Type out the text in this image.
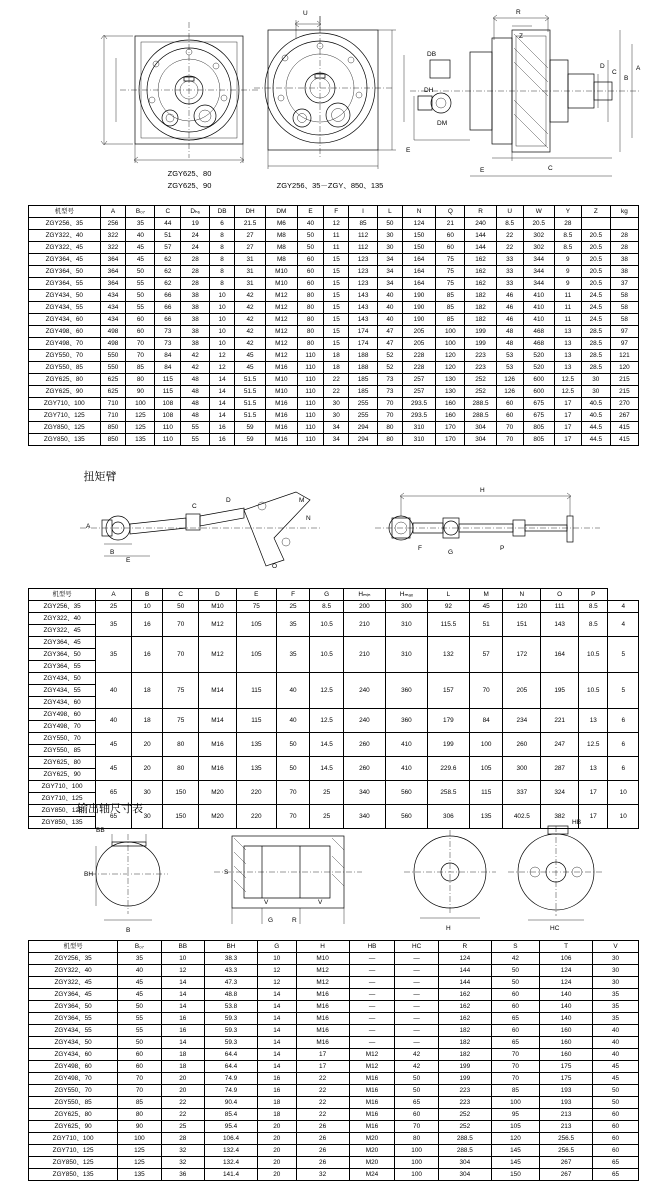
U
DH
DM
E
DB
R
Z
A
B
C
D
C
E
ZGY625、80
ZGY625、90	ZGY256、35－ZGY、850、135
机型号	A	B₀₇	C	Dₕ₆	DB	DH	DM	E	F	I	L	N	Q	R	U	W	Y	Z	kg
ZGY256、35	256	35	44	19	6	21.5	M6	40	12	85	50	124	21	240	8.5	20.5	28		
ZGY322、40	322	40	51	24	8	27	M8	50	11	112	30	150	60	144	22	302	8.5	20.5	28
ZGY322、45	322	45	57	24	8	27	M8	50	11	112	30	150	60	144	22	302	8.5	20.5	28
ZGY364、45	364	45	62	28	8	31	M8	60	15	123	34	164	75	162	33	344	9	20.5	38
ZGY364、50	364	50	62	28	8	31	M10	60	15	123	34	164	75	162	33	344	9	20.5	38
ZGY364、55	364	55	62	28	8	31	M10	60	15	123	34	164	75	162	33	344	9	20.5	37
ZGY434、50	434	50	66	38	10	42	M12	80	15	143	40	190	85	182	46	410	11	24.5	58
ZGY434、55	434	55	66	38	10	42	M12	80	15	143	40	190	85	182	46	410	11	24.5	58
ZGY434、60	434	60	66	38	10	42	M12	80	15	143	40	190	85	182	46	410	11	24.5	58
ZGY498、60	498	60	73	38	10	42	M12	80	15	174	47	205	100	199	48	468	13	28.5	97
ZGY498、70	498	70	73	38	10	42	M12	80	15	174	47	205	100	199	48	468	13	28.5	97
ZGY550、70	550	70	84	42	12	45	M12	110	18	188	52	228	120	223	53	520	13	28.5	121
ZGY550、85	550	85	84	42	12	45	M16	110	18	188	52	228	120	223	53	520	13	28.5	120
ZGY625、80	625	80	115	48	14	51.5	M10	110	22	185	73	257	130	252	126	600	12.5	30	215
ZGY625、90	625	90	115	48	14	51.5	M10	110	22	185	73	257	130	252	126	600	12.5	30	215
ZGY710、100	710	100	108	48	14	51.5	M16	110	30	255	70	293.5	160	288.5	60	675	17	40.5	270
ZGY710、125	710	125	108	48	14	51.5	M16	110	30	255	70	293.5	160	288.5	60	675	17	40.5	267
ZGY850、125	850	125	110	55	16	59	M16	110	34	294	80	310	170	304	70	805	17	44.5	415
ZGY850、135	850	135	110	55	16	59	M16	110	34	294	80	310	170	304	70	805	17	44.5	415
扭矩臂
M
N
O
A
B
E
C
D
H
F
G
P
机型号	A	B	C	D	E	F	G	Hₘᵢₙ	Hₘₐₓ	L	M	N	O	P	
ZGY256、35	25	10	50	M10	75	25	8.5	200	300	92	45	120	111	8.5	4
ZGY322、40	35	16	70	M12	105	35	10.5	210	310	115.5	51	151	143	8.5	4
ZGY322、45															
ZGY364、45	35	16	70	M12	105	35	10.5	210	310	132	57	172	164	10.5	5
ZGY364、50															
ZGY364、55															
ZGY434、50	40	18	75	M14	115	40	12.5	240	360	157	70	205	195	10.5	5
ZGY434、55															
ZGY434、60															
ZGY498、60	40	18	75	M14	115	40	12.5	240	360	179	84	234	221	13	6
ZGY498、70															
ZGY550、70	45	20	80	M16	135	50	14.5	260	410	199	100	260	247	12.5	6
ZGY550、85															
ZGY625、80	45	20	80	M16	135	50	14.5	260	410	229.6	105	300	287	13	6
ZGY625、90															
ZGY710、100	65	30	150	M20	220	70	25	340	560	258.5	115	337	324	17	10
ZGY710、125															
ZGY850、125	65	30	150	M20	220	70	25	340	560	306	135	402.5	382	17	10
ZGY850、135															
输出轴尺寸表
BB
BH
B
S
V	V
G	R
H
HB
HC
机型号	B₀₇	BB	BH	G	H	HB	HC	R	S	T	V
ZGY256、35	35	10	38.3	10	M10	—	—	124	42	106	30
ZGY322、40	40	12	43.3	12	M12	—	—	144	50	124	30
ZGY322、45	45	14	47.3	12	M12	—	—	144	50	124	30
ZGY364、45	45	14	48.8	14	M16	—	—	162	60	140	35
ZGY364、50	50	14	53.8	14	M16	—	—	162	60	140	35
ZGY364、55	55	16	59.3	14	M16	—	—	162	65	140	35
ZGY434、55	55	16	59.3	14	M16	—	—	182	60	160	40
ZGY434、50	50	14	59.3	14	M16	—	—	182	65	160	40
ZGY434、60	60	18	64.4	14	17	M12	42	182	70	160	40
ZGY498、60	60	18	64.4	14	17	M12	42	199	70	175	45
ZGY498、70	70	20	74.9	16	22	M16	50	199	70	175	45
ZGY550、70	70	20	74.9	16	22	M16	50	223	85	193	50
ZGY550、85	85	22	90.4	18	22	M16	65	223	100	193	50
ZGY625、80	80	22	85.4	18	22	M16	60	252	95	213	60
ZGY625、90	90	25	95.4	20	26	M16	70	252	105	213	60
ZGY710、100	100	28	106.4	20	26	M20	80	288.5	120	256.5	60
ZGY710、125	125	32	132.4	20	26	M20	100	288.5	145	256.5	60
ZGY850、125	125	32	132.4	20	26	M20	100	304	145	267	65
ZGY850、135	135	36	141.4	20	32	M24	100	304	150	267	65
